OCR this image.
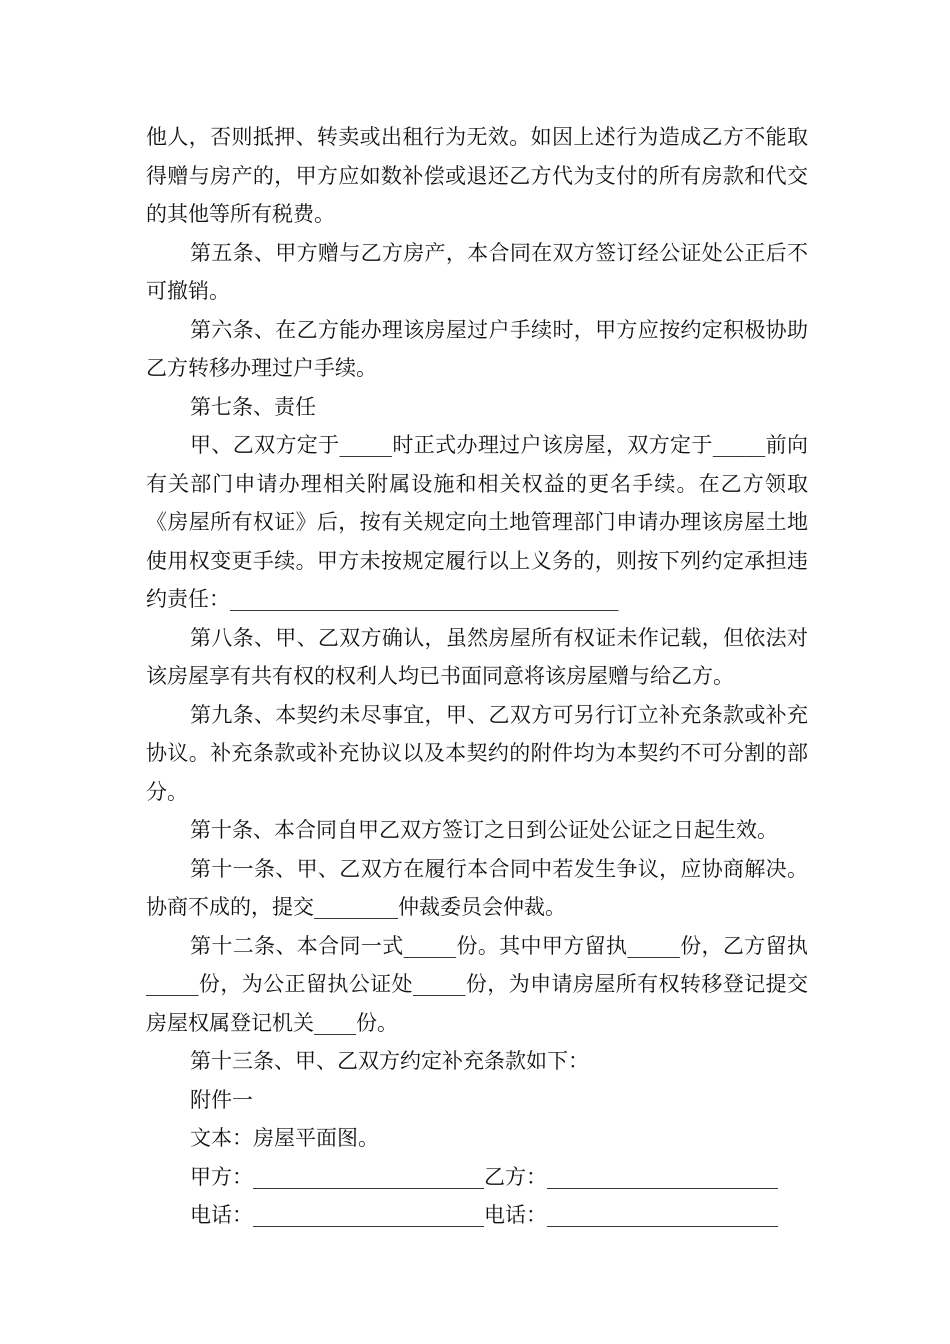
他人，否则抵押、转卖或出租行为无效。如因上述行为造成乙方不能取得赠与房产的，甲方应如数补偿或退还乙方代为支付的所有房款和代交的其他等所有税费。

第五条、甲方赠与乙方房产，本合同在双方签订经公证处公正后不可撤销。

第六条、在乙方能办理该房屋过户手续时，甲方应按约定积极协助乙方转移办理过户手续。

第七条、责任

甲、乙双方定于_____时正式办理过户该房屋，双方定于_____前向有关部门申请办理相关附属设施和相关权益的更名手续。在乙方领取《房屋所有权证》后，按有关规定向土地管理部门申请办理该房屋土地使用权变更手续。甲方未按规定履行以上义务的，则按下列约定承担违约责任：_____________________________________

第八条、甲、乙双方确认，虽然房屋所有权证未作记载，但依法对该房屋享有共有权的权利人均已书面同意将该房屋赠与给乙方。

第九条、本契约未尽事宜，甲、乙双方可另行订立补充条款或补充协议。补充条款或补充协议以及本契约的附件均为本契约不可分割的部分。

第十条、本合同自甲乙双方签订之日到公证处公证之日起生效。

第十一条、甲、乙双方在履行本合同中若发生争议，应协商解决。协商不成的，提交________仲裁委员会仲裁。

第十二条、本合同一式_____份。其中甲方留执_____份，乙方留执_____份，为公正留执公证处_____份，为申请房屋所有权转移登记提交房屋权属登记机关____份。

第十三条、甲、乙双方约定补充条款如下：

附件一

文本：房屋平面图。

甲方：______________________乙方：______________________

电话：______________________电话：______________________
